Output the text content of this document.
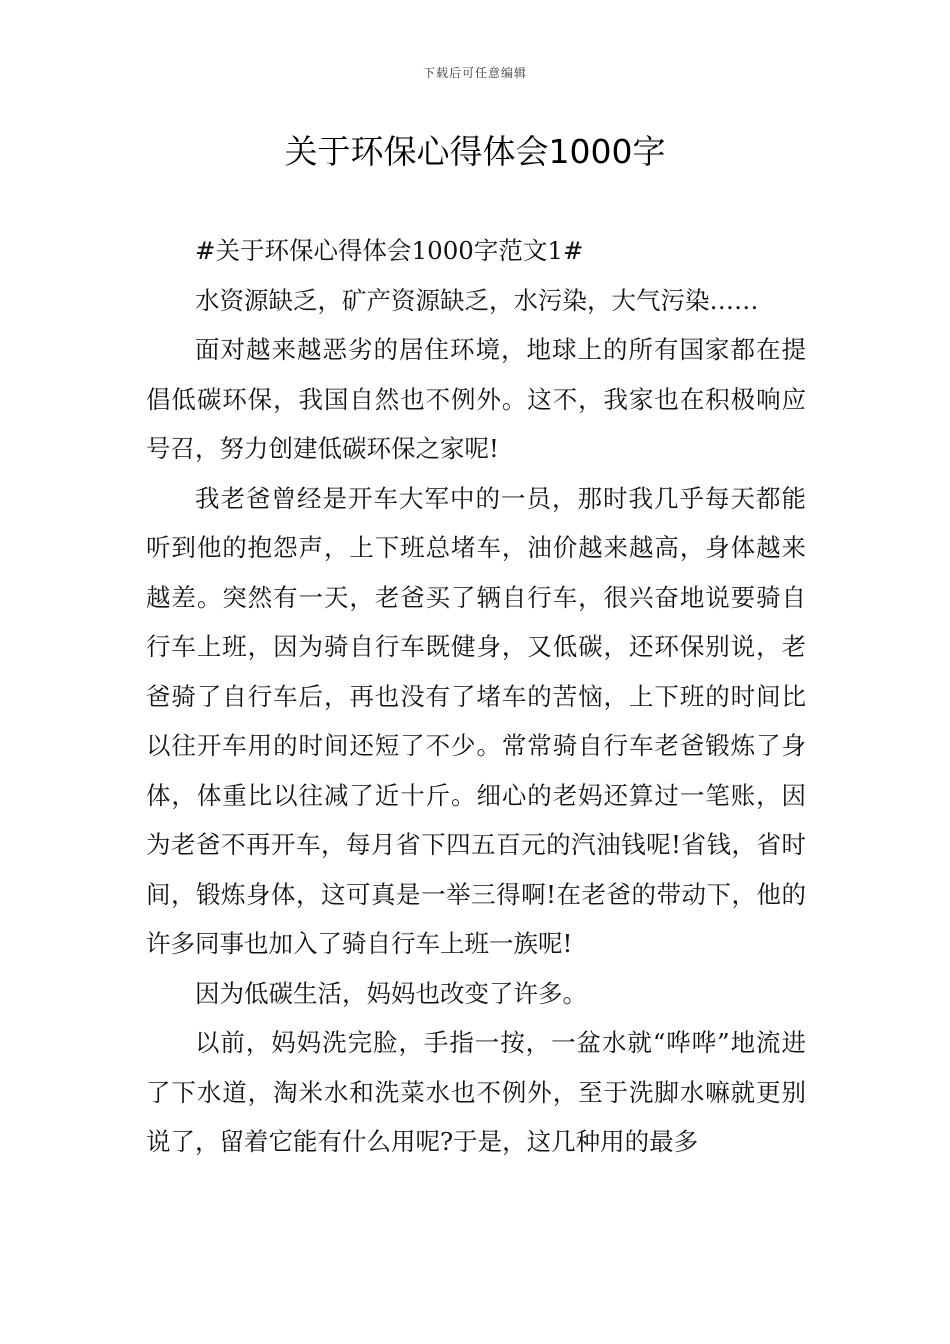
下载后可任意编辑
关于环保心得体会1000字

#关于环保心得体会1000字范文1#

水资源缺乏，矿产资源缺乏，水污染，大气污染……

面对越来越恶劣的居住环境，地球上的所有国家都在提倡低碳环保，我国自然也不例外。这不，我家也在积极响应号召，努力创建低碳环保之家呢!

我老爸曾经是开车大军中的一员，那时我几乎每天都能听到他的抱怨声，上下班总堵车，油价越来越高，身体越来越差。突然有一天，老爸买了辆自行车，很兴奋地说要骑自行车上班，因为骑自行车既健身，又低碳，还环保别说，老爸骑了自行车后，再也没有了堵车的苦恼，上下班的时间比以往开车用的时间还短了不少。常常骑自行车老爸锻炼了身体，体重比以往减了近十斤。细心的老妈还算过一笔账，因为老爸不再开车，每月省下四五百元的汽油钱呢!省钱，省时间，锻炼身体，这可真是一举三得啊!在老爸的带动下，他的许多同事也加入了骑自行车上班一族呢!

因为低碳生活，妈妈也改变了许多。

以前，妈妈洗完脸，手指一按，一盆水就“哗哗”地流进了下水道，淘米水和洗菜水也不例外，至于洗脚水嘛就更别说了，留着它能有什么用呢?于是，这几种用的最多
